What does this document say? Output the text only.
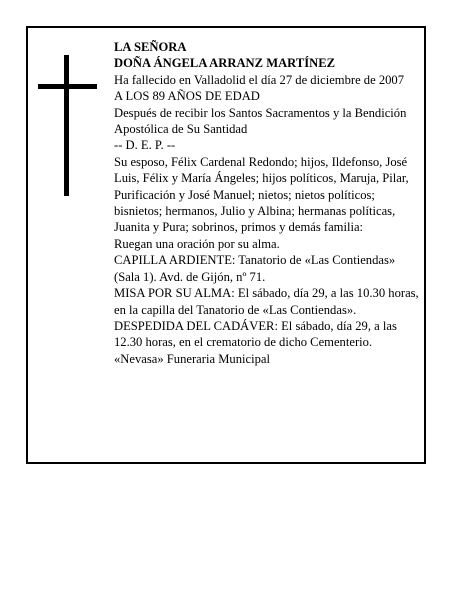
LA SEÑORA
DOÑA ÁNGELA ARRANZ MARTÍNEZ
Ha fallecido en Valladolid el día 27 de diciembre de 2007
A LOS 89 AÑOS DE EDAD
Después de recibir los Santos Sacramentos y la Bendición Apostólica de Su Santidad
-- D. E. P. --
Su esposo, Félix Cardenal Redondo; hijos, Ildefonso, José Luis, Félix y María Ángeles; hijos políticos, Maruja, Pilar, Purificación y José Manuel; nietos; nietos políticos; bisnietos; hermanos, Julio y Albina; hermanas políticas, Juanita y Pura; sobrinos, primos y demás familia:
Ruegan una oración por su alma.
CAPILLA ARDIENTE: Tanatorio de «Las Contiendas» (Sala 1). Avd. de Gijón, nº 71.
MISA POR SU ALMA: El sábado, día 29, a las 10.30 horas, en la capilla del Tanatorio de «Las Contiendas».
DESPEDIDA DEL CADÁVER: El sábado, día 29, a las 12.30 horas, en el crematorio de dicho Cementerio.
«Nevasa» Funeraria Municipal
